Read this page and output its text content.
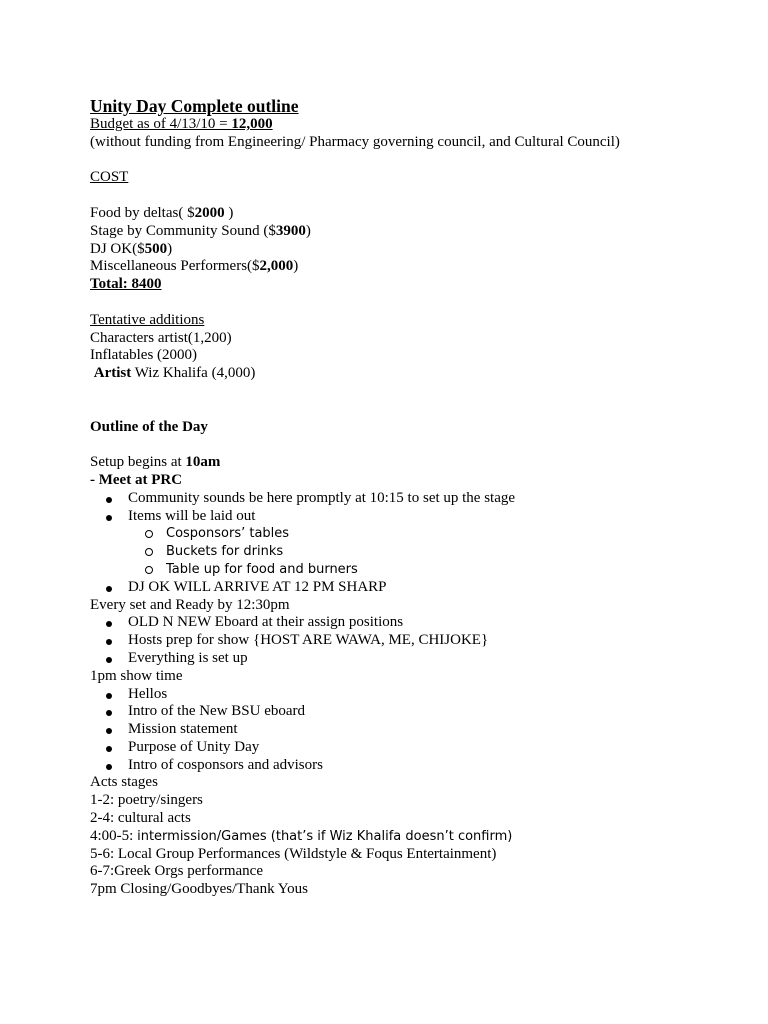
Unity Day Complete outline
Budget as of 4/13/10 = 12,000
(without funding from Engineering/ Pharmacy governing council, and Cultural Council)
COST
Food by deltas( $2000 )
Stage by Community Sound ($3900)
DJ OK($500)
Miscellaneous Performers($2,000)
Total: 8400
Tentative additions
Characters artist(1,200)
Inflatables (2000)
Artist Wiz Khalifa (4,000)
Outline of the Day
Setup begins at 10am
- Meet at PRC
Community sounds be here promptly at 10:15 to set up the stage
Items will be laid out
Cosponsors’ tables
Buckets for drinks
Table up for food and burners
DJ OK WILL ARRIVE AT 12 PM SHARP
Every set and Ready by 12:30pm
OLD N NEW Eboard at their assign positions
Hosts prep for show {HOST ARE WAWA, ME, CHIJOKE}
Everything is set up
1pm show time
Hellos
Intro of the New BSU eboard
Mission statement
Purpose of Unity Day
Intro of cosponsors and advisors
Acts stages
1-2: poetry/singers
2-4: cultural acts
4:00-5: intermission/Games (that’s if Wiz Khalifa doesn’t confirm)
5-6: Local Group Performances (Wildstyle & Foqus Entertainment)
6-7:Greek Orgs performance
7pm Closing/Goodbyes/Thank Yous
